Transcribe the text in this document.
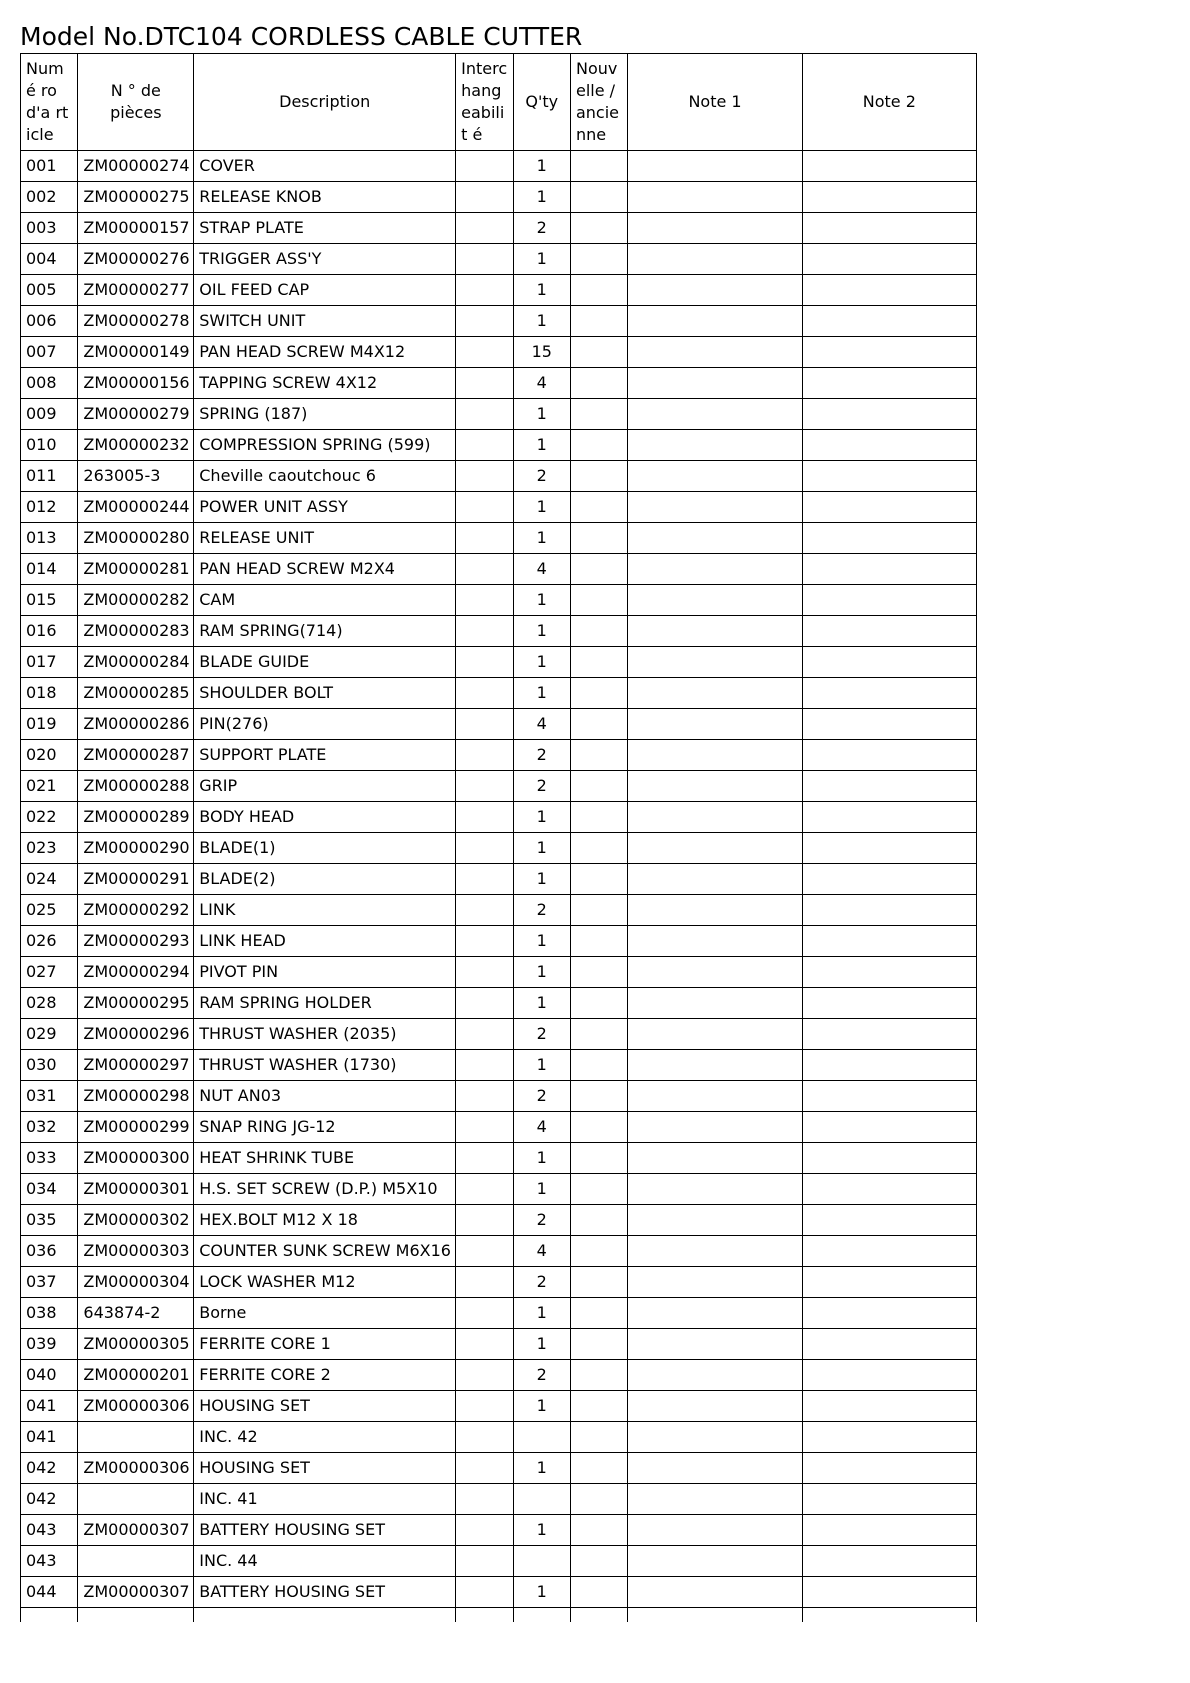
Model No.DTC104 CORDLESS CABLE CUTTER
Numé ro d'a rticle	N ° de pièces	Description	Interc hang eabilit é	Q'ty	Nouv elle / ancie nne	Note 1	Note 2
001	ZM00000274	COVER		1			
002	ZM00000275	RELEASE KNOB		1			
003	ZM00000157	STRAP PLATE		2			
004	ZM00000276	TRIGGER ASS'Y		1			
005	ZM00000277	OIL FEED CAP		1			
006	ZM00000278	SWITCH UNIT		1			
007	ZM00000149	PAN HEAD SCREW M4X12		15			
008	ZM00000156	TAPPING SCREW 4X12		4			
009	ZM00000279	SPRING (187)		1			
010	ZM00000232	COMPRESSION SPRING (599)		1			
011	263005-3	Cheville caoutchouc 6		2			
012	ZM00000244	POWER UNIT ASSY		1			
013	ZM00000280	RELEASE UNIT		1			
014	ZM00000281	PAN HEAD SCREW M2X4		4			
015	ZM00000282	CAM		1			
016	ZM00000283	RAM SPRING(714)		1			
017	ZM00000284	BLADE GUIDE		1			
018	ZM00000285	SHOULDER BOLT		1			
019	ZM00000286	PIN(276)		4			
020	ZM00000287	SUPPORT PLATE		2			
021	ZM00000288	GRIP		2			
022	ZM00000289	BODY HEAD		1			
023	ZM00000290	BLADE(1)		1			
024	ZM00000291	BLADE(2)		1			
025	ZM00000292	LINK		2			
026	ZM00000293	LINK HEAD		1			
027	ZM00000294	PIVOT PIN		1			
028	ZM00000295	RAM SPRING HOLDER		1			
029	ZM00000296	THRUST WASHER (2035)		2			
030	ZM00000297	THRUST WASHER (1730)		1			
031	ZM00000298	NUT AN03		2			
032	ZM00000299	SNAP RING JG-12		4			
033	ZM00000300	HEAT SHRINK TUBE		1			
034	ZM00000301	H.S. SET SCREW (D.P.) M5X10		1			
035	ZM00000302	HEX.BOLT M12 X 18		2			
036	ZM00000303	COUNTER SUNK SCREW M6X16		4			
037	ZM00000304	LOCK WASHER M12		2			
038	643874-2	Borne		1			
039	ZM00000305	FERRITE CORE 1		1			
040	ZM00000201	FERRITE CORE 2		2			
041	ZM00000306	HOUSING SET		1			
041		INC. 42					
042	ZM00000306	HOUSING SET		1			
042		INC. 41					
043	ZM00000307	BATTERY HOUSING SET		1			
043		INC. 44					
044	ZM00000307	BATTERY HOUSING SET		1			
